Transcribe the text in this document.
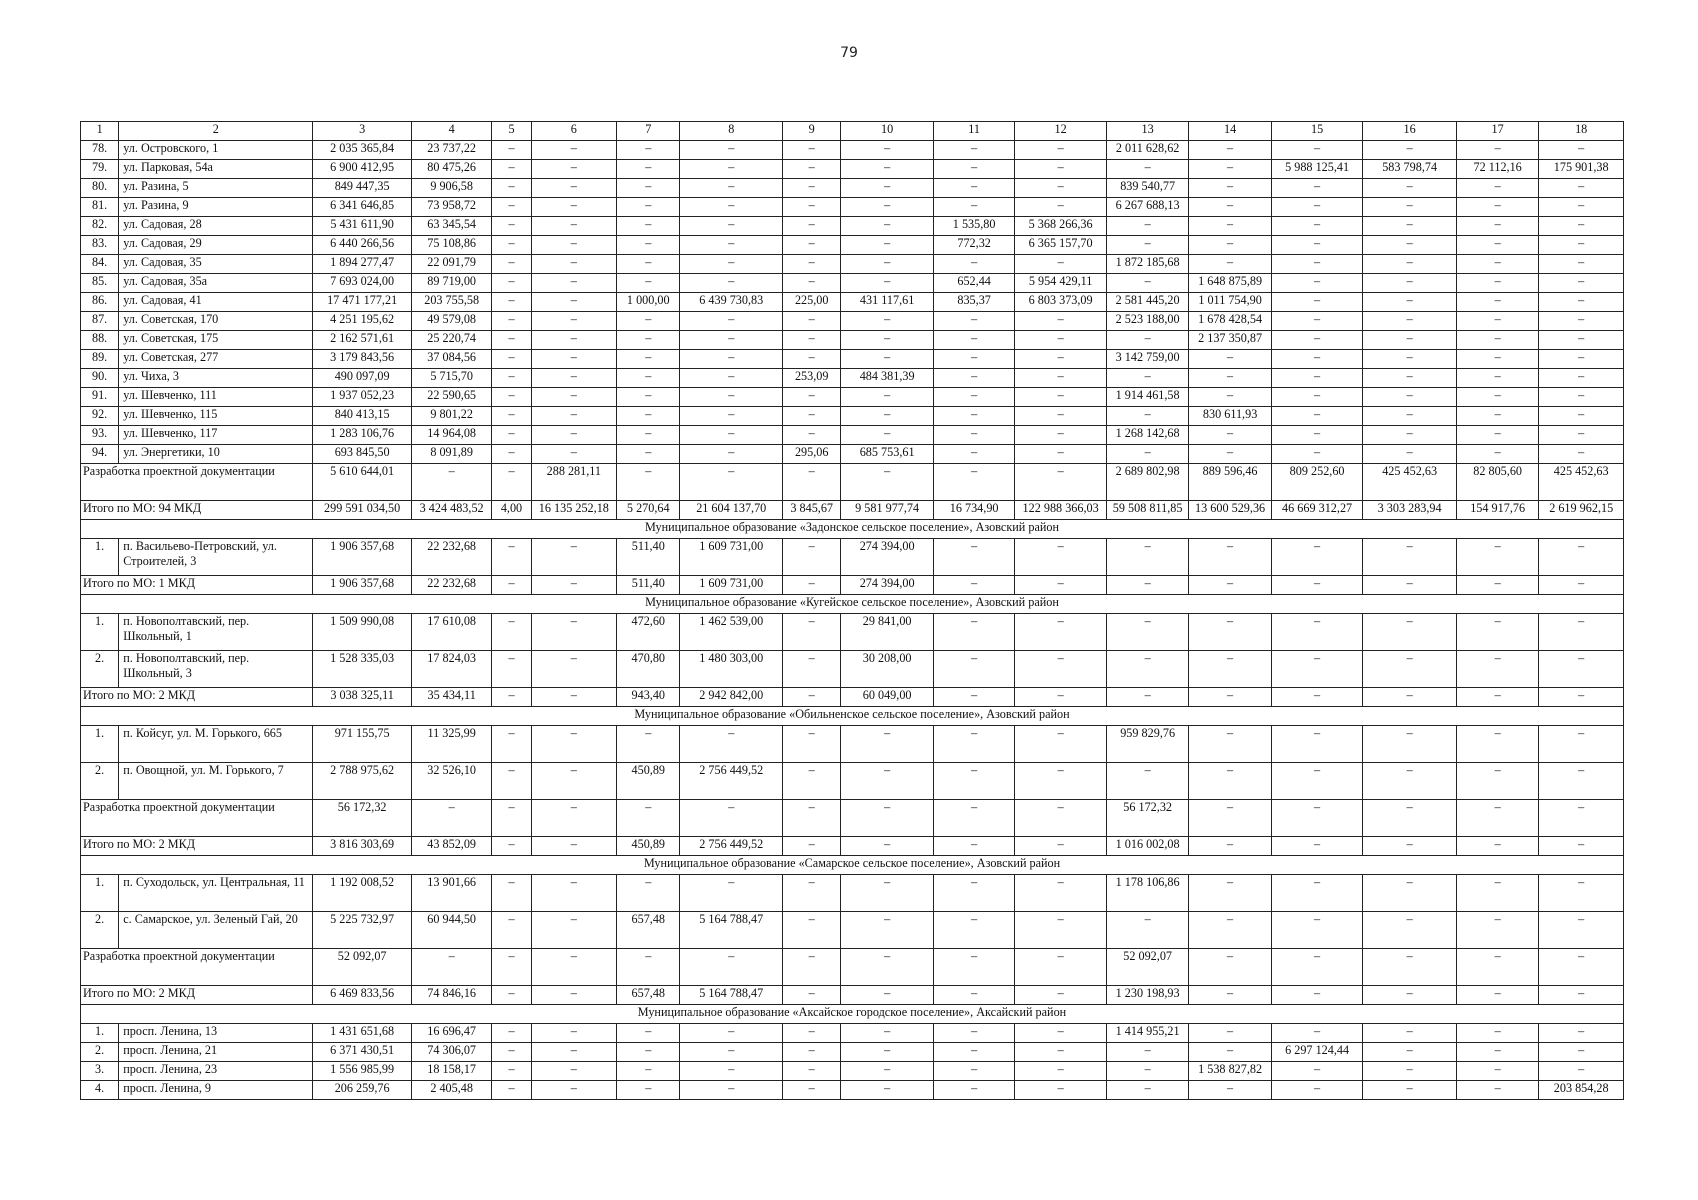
79
1	2	3	4	5	6	7	8	9	10	11	12	13	14	15	16	17	18
78.	ул. Островского, 1	2 035 365,84	23 737,22	–	–	–	–	–	–	–	–	2 011 628,62	–	–	–	–	–
79.	ул. Парковая, 54а	6 900 412,95	80 475,26	–	–	–	–	–	–	–	–	–	–	5 988 125,41	583 798,74	72 112,16	175 901,38
80.	ул. Разина, 5	849 447,35	9 906,58	–	–	–	–	–	–	–	–	839 540,77	–	–	–	–	–
81.	ул. Разина, 9	6 341 646,85	73 958,72	–	–	–	–	–	–	–	–	6 267 688,13	–	–	–	–	–
82.	ул. Садовая, 28	5 431 611,90	63 345,54	–	–	–	–	–	–	1 535,80	5 368 266,36	–	–	–	–	–	–
83.	ул. Садовая, 29	6 440 266,56	75 108,86	–	–	–	–	–	–	772,32	6 365 157,70	–	–	–	–	–	–
84.	ул. Садовая, 35	1 894 277,47	22 091,79	–	–	–	–	–	–	–	–	1 872 185,68	–	–	–	–	–
85.	ул. Садовая, 35а	7 693 024,00	89 719,00	–	–	–	–	–	–	652,44	5 954 429,11	–	1 648 875,89	–	–	–	–
86.	ул. Садовая, 41	17 471 177,21	203 755,58	–	–	1 000,00	6 439 730,83	225,00	431 117,61	835,37	6 803 373,09	2 581 445,20	1 011 754,90	–	–	–	–
87.	ул. Советская, 170	4 251 195,62	49 579,08	–	–	–	–	–	–	–	–	2 523 188,00	1 678 428,54	–	–	–	–
88.	ул. Советская, 175	2 162 571,61	25 220,74	–	–	–	–	–	–	–	–	–	2 137 350,87	–	–	–	–
89.	ул. Советская, 277	3 179 843,56	37 084,56	–	–	–	–	–	–	–	–	3 142 759,00	–	–	–	–	–
90.	ул. Чиха, 3	490 097,09	5 715,70	–	–	–	–	253,09	484 381,39	–	–	–	–	–	–	–	–
91.	ул. Шевченко, 111	1 937 052,23	22 590,65	–	–	–	–	–	–	–	–	1 914 461,58	–	–	–	–	–
92.	ул. Шевченко, 115	840 413,15	9 801,22	–	–	–	–	–	–	–	–	–	830 611,93	–	–	–	–
93.	ул. Шевченко, 117	1 283 106,76	14 964,08	–	–	–	–	–	–	–	–	1 268 142,68	–	–	–	–	–
94.	ул. Энергетики, 10	693 845,50	8 091,89	–	–	–	–	295,06	685 753,61	–	–	–	–	–	–	–	–
Разработка проектной документации		5 610 644,01	–	–	288 281,11	–	–	–	–	–	–	2 689 802,98	889 596,46	809 252,60	425 452,63	82 805,60	425 452,63
Итого по МО: 94 МКД		299 591 034,50	3 424 483,52	4,00	16 135 252,18	5 270,64	21 604 137,70	3 845,67	9 581 977,74	16 734,90	122 988 366,03	59 508 811,85	13 600 529,36	46 669 312,27	3 303 283,94	154 917,76	2 619 962,15
Муниципальное образование «Задонское сельское поселение», Азовский район																	
1.	п. Васильево-Петровский, ул. Строителей, 3	1 906 357,68	22 232,68	–	–	511,40	1 609 731,00	–	274 394,00	–	–	–	–	–	–	–	–
Итого по МО: 1 МКД		1 906 357,68	22 232,68	–	–	511,40	1 609 731,00	–	274 394,00	–	–	–	–	–	–	–	–
Муниципальное образование «Кугейское сельское поселение», Азовский район																	
1.	п. Новополтавский, пер. Школьный, 1	1 509 990,08	17 610,08	–	–	472,60	1 462 539,00	–	29 841,00	–	–	–	–	–	–	–	–
2.	п. Новополтавский, пер. Школьный, 3	1 528 335,03	17 824,03	–	–	470,80	1 480 303,00	–	30 208,00	–	–	–	–	–	–	–	–
Итого по МО: 2 МКД		3 038 325,11	35 434,11	–	–	943,40	2 942 842,00	–	60 049,00	–	–	–	–	–	–	–	–
Муниципальное образование «Обильненское сельское поселение», Азовский район																	
1.	п. Койсуг, ул. М. Горького, 665	971 155,75	11 325,99	–	–	–	–	–	–	–	–	959 829,76	–	–	–	–	–
2.	п. Овощной, ул. М. Горького, 7	2 788 975,62	32 526,10	–	–	450,89	2 756 449,52	–	–	–	–	–	–	–	–	–	–
Разработка проектной документации		56 172,32	–	–	–	–	–	–	–	–	–	56 172,32	–	–	–	–	–
Итого по МО: 2 МКД		3 816 303,69	43 852,09	–	–	450,89	2 756 449,52	–	–	–	–	1 016 002,08	–	–	–	–	–
Муниципальное образование «Самарское сельское поселение», Азовский район																	
1.	п. Суходольск, ул. Центральная, 11	1 192 008,52	13 901,66	–	–	–	–	–	–	–	–	1 178 106,86	–	–	–	–	–
2.	с. Самарское, ул. Зеленый Гай, 20	5 225 732,97	60 944,50	–	–	657,48	5 164 788,47	–	–	–	–	–	–	–	–	–	–
Разработка проектной документации		52 092,07	–	–	–	–	–	–	–	–	–	52 092,07	–	–	–	–	–
Итого по МО: 2 МКД		6 469 833,56	74 846,16	–	–	657,48	5 164 788,47	–	–	–	–	1 230 198,93	–	–	–	–	–
Муниципальное образование «Аксайское городское поселение», Аксайский район																	
1.	просп. Ленина, 13	1 431 651,68	16 696,47	–	–	–	–	–	–	–	–	1 414 955,21	–	–	–	–	–
2.	просп. Ленина, 21	6 371 430,51	74 306,07	–	–	–	–	–	–	–	–	–	–	6 297 124,44	–	–	–
3.	просп. Ленина, 23	1 556 985,99	18 158,17	–	–	–	–	–	–	–	–	–	1 538 827,82	–	–	–	–
4.	просп. Ленина, 9	206 259,76	2 405,48	–	–	–	–	–	–	–	–	–	–	–	–	–	203 854,28
